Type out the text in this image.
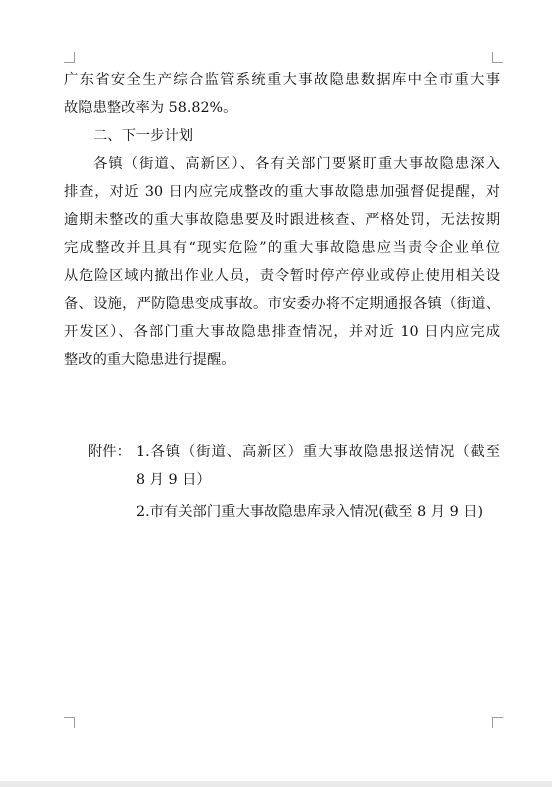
广东省安全生产综合监管系统重大事故隐患数据库中全市重大事
故隐患整改率为 58.82%。
二、下一步计划
各镇（街道、高新区）、各有关部门要紧盯重大事故隐患深入
排查，对近 30 日内应完成整改的重大事故隐患加强督促提醒，对
逾期未整改的重大事故隐患要及时跟进核查、严格处罚，无法按期
完成整改并且具有“现实危险”的重大事故隐患应当责令企业单位
从危险区域内撤出作业人员，责令暂时停产停业或停止使用相关设
备、设施，严防隐患变成事故。市安委办将不定期通报各镇（街道、
开发区）、各部门重大事故隐患排查情况，并对近 10 日内应完成
整改的重大隐患进行提醒。
附件： 1.各镇（街道、高新区）重大事故隐患报送情况（截至
8 月 9 日）
2.市有关部门重大事故隐患库录入情况(截至 8 月 9 日)
